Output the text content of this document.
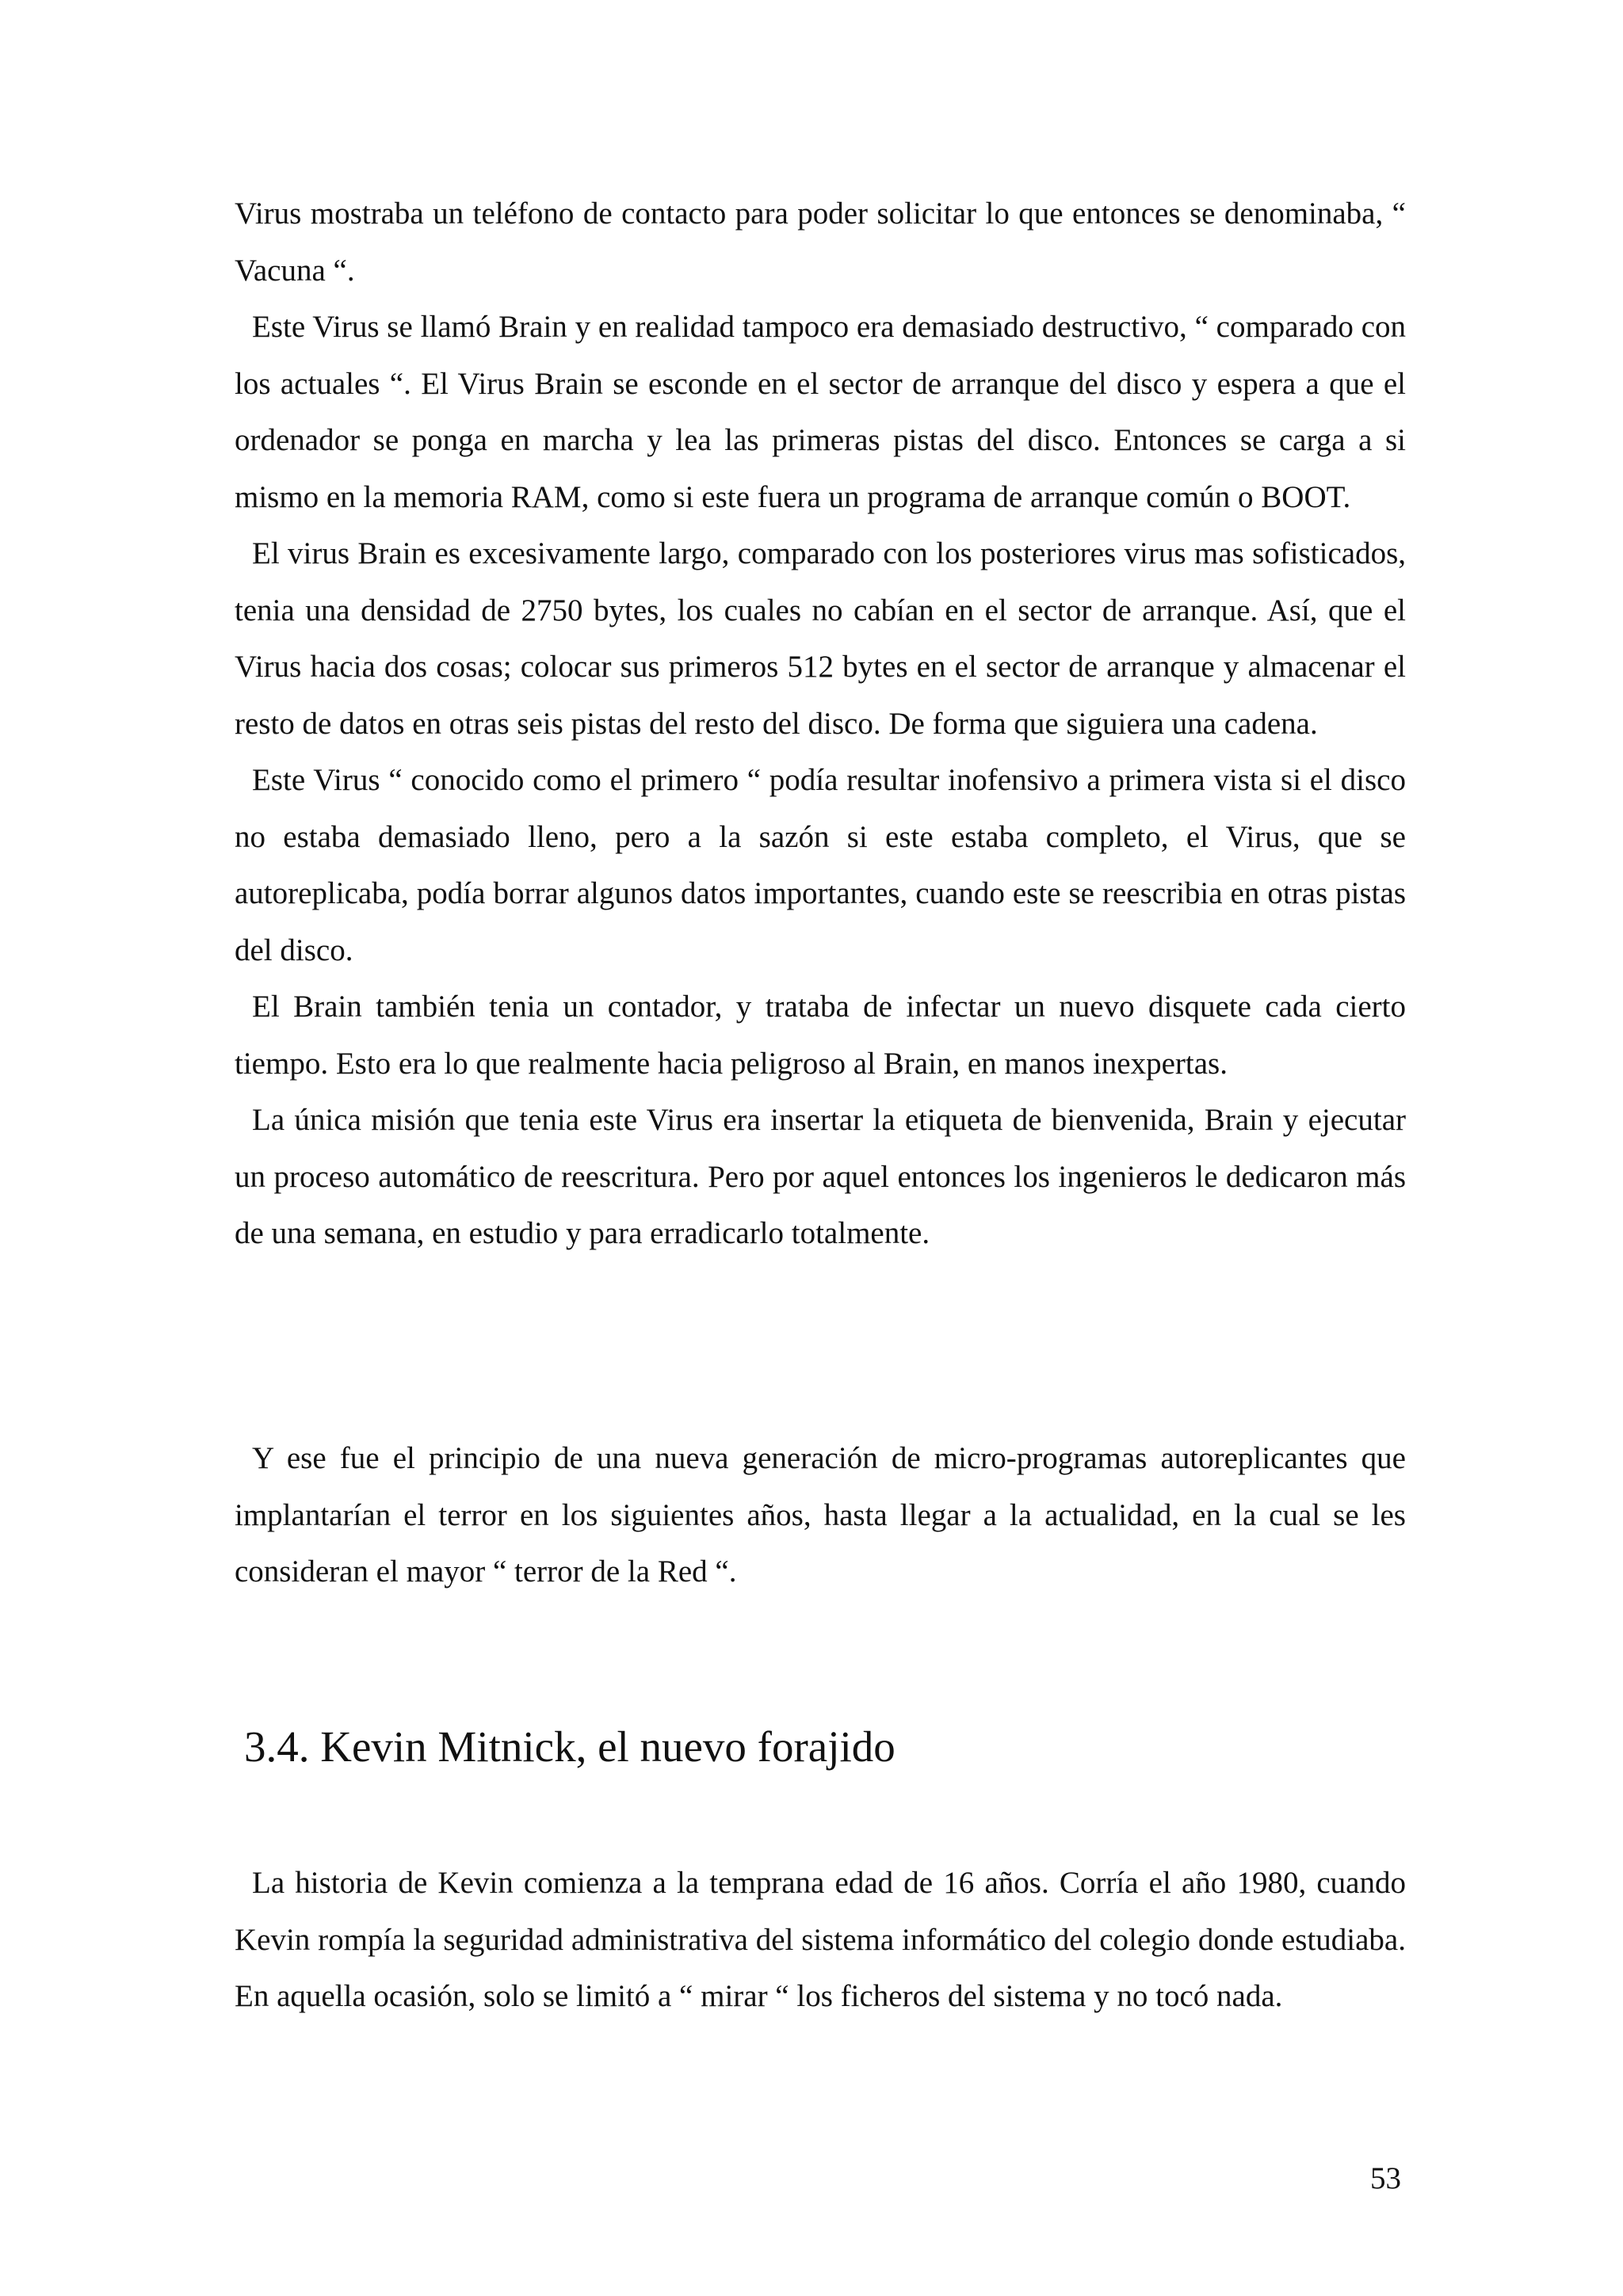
Virus mostraba un teléfono de contacto para poder solicitar lo que entonces se denominaba, “ Vacuna “.

Este Virus se llamó Brain y en realidad tampoco era demasiado destructivo, “ comparado con los actuales “. El Virus Brain se esconde en el sector de arranque del disco y espera a que el ordenador se ponga en marcha y lea las primeras pistas del disco. Entonces se carga a si mismo en la memoria RAM, como si este fuera un programa de arranque común o BOOT.

El virus Brain es excesivamente largo, comparado con los posteriores virus mas sofisticados, tenia una densidad de 2750 bytes, los cuales no cabían en el sector de arranque. Así, que el Virus hacia dos cosas; colocar sus primeros 512 bytes en el sector de arranque y almacenar el resto de datos en otras seis pistas del resto del disco. De forma que siguiera una cadena.

Este Virus “ conocido como el primero “ podía resultar inofensivo a primera vista si el disco no estaba demasiado lleno, pero a la sazón si este estaba completo, el Virus, que se autoreplicaba, podía borrar algunos datos importantes, cuando este se reescribia en otras pistas del disco.

El Brain también tenia un contador, y trataba de infectar un nuevo disquete cada cierto tiempo. Esto era lo que realmente hacia peligroso al Brain, en manos inexpertas.

La única misión que tenia este Virus era insertar la etiqueta de bienvenida, Brain y ejecutar un proceso automático de reescritura. Pero por aquel entonces los ingenieros le dedicaron más de una semana, en estudio y para erradicarlo totalmente.

Y ese fue el principio de una nueva generación de micro-programas autoreplicantes que implantarían el terror en los siguientes años, hasta llegar a la actualidad, en la cual se les consideran el mayor “ terror de la Red “.

3.4. Kevin Mitnick, el nuevo forajido

La historia de Kevin comienza a la temprana edad de 16 años. Corría el año 1980, cuando Kevin rompía la seguridad administrativa del sistema informático del colegio donde estudiaba. En aquella ocasión, solo se limitó a “ mirar “ los ficheros del sistema y no tocó nada.

53
